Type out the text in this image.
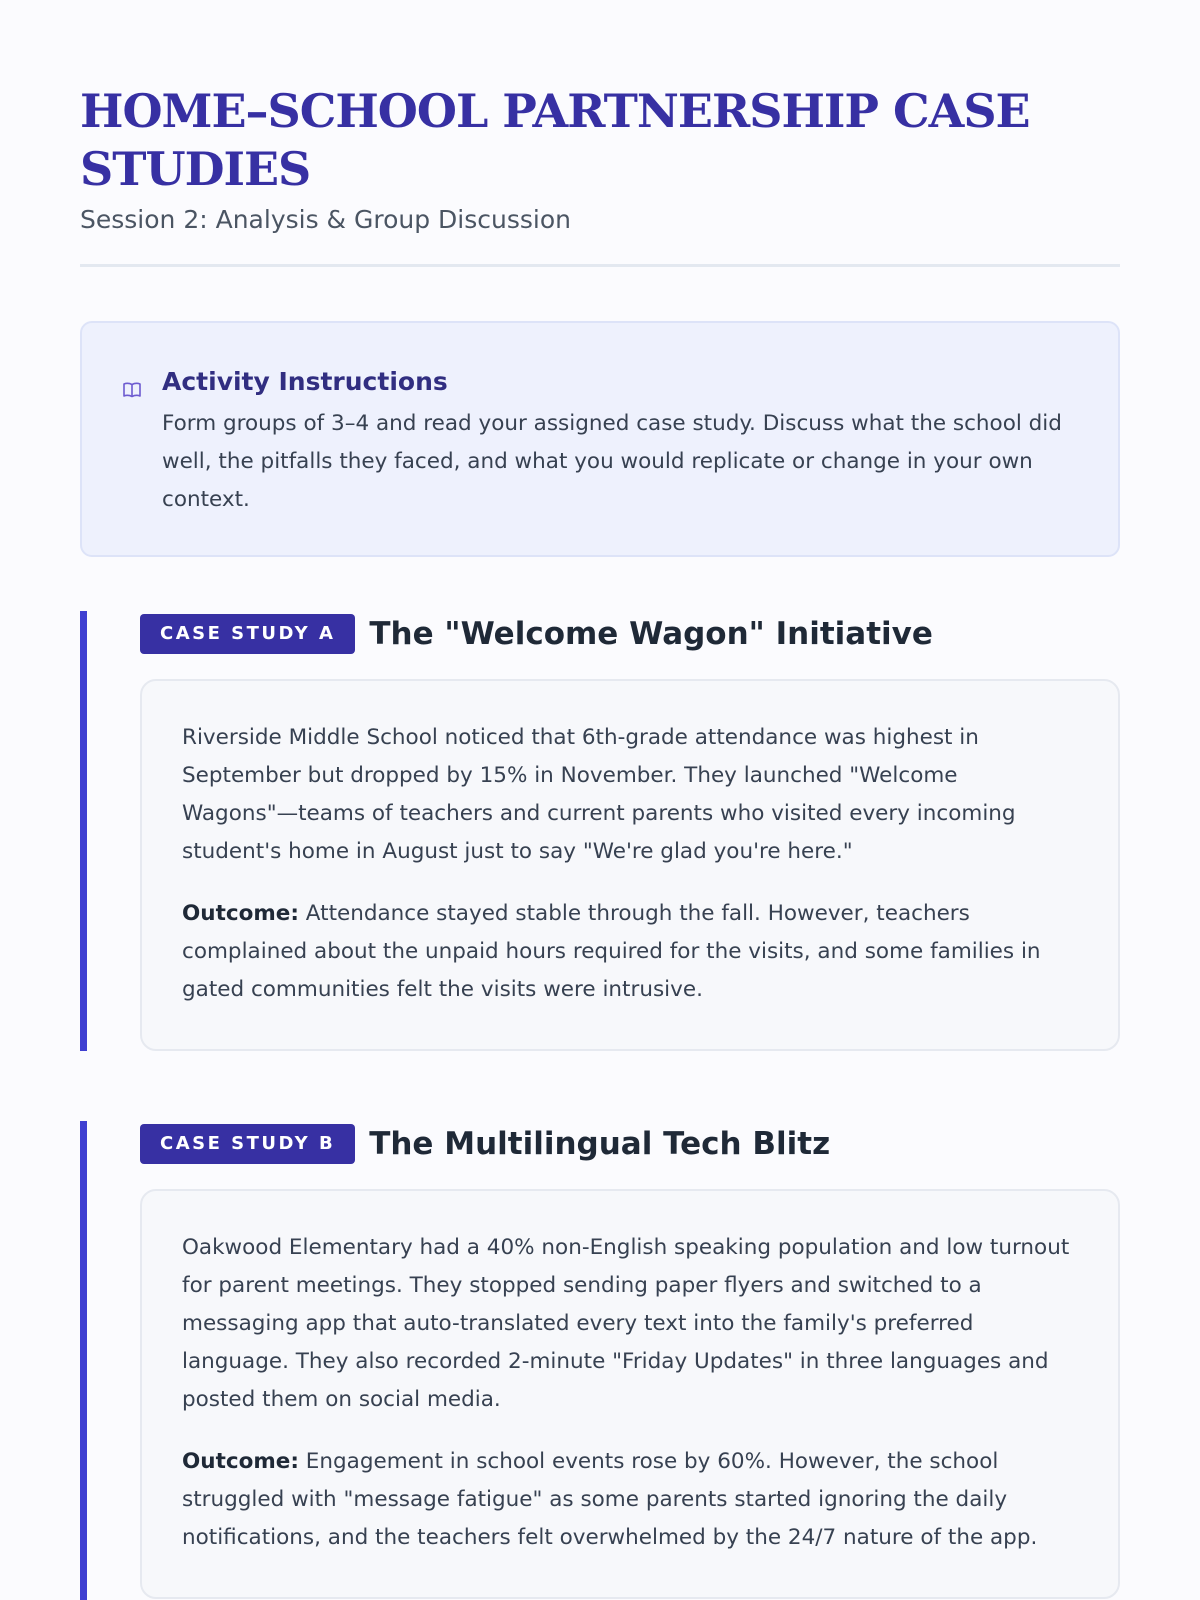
HOME–SCHOOL PARTNERSHIP CASE STUDIES
Session 2: Analysis & Group Discussion
Activity Instructions
Form groups of 3–4 and read your assigned case study. Discuss what the school did well, the pitfalls they faced, and what you would replicate or change in your own context.
CASE STUDY A	The "Welcome Wagon" Initiative

Riverside Middle School noticed that 6th-grade attendance was highest in September but dropped by 15% in November. They launched "Welcome Wagons"—teams of teachers and current parents who visited every incoming student's home in August just to say "We're glad you're here."

Outcome: Attendance stayed stable through the fall. However, teachers complained about the unpaid hours required for the visits, and some families in gated communities felt the visits were intrusive.

CASE STUDY B	The Multilingual Tech Blitz

Oakwood Elementary had a 40% non-English speaking population and low turnout for parent meetings. They stopped sending paper flyers and switched to a messaging app that auto-translated every text into the family's preferred language. They also recorded 2-minute "Friday Updates" in three languages and posted them on social media.

Outcome: Engagement in school events rose by 60%. However, the school struggled with "message fatigue" as some parents started ignoring the daily notifications, and the teachers felt overwhelmed by the 24/7 nature of the app.
